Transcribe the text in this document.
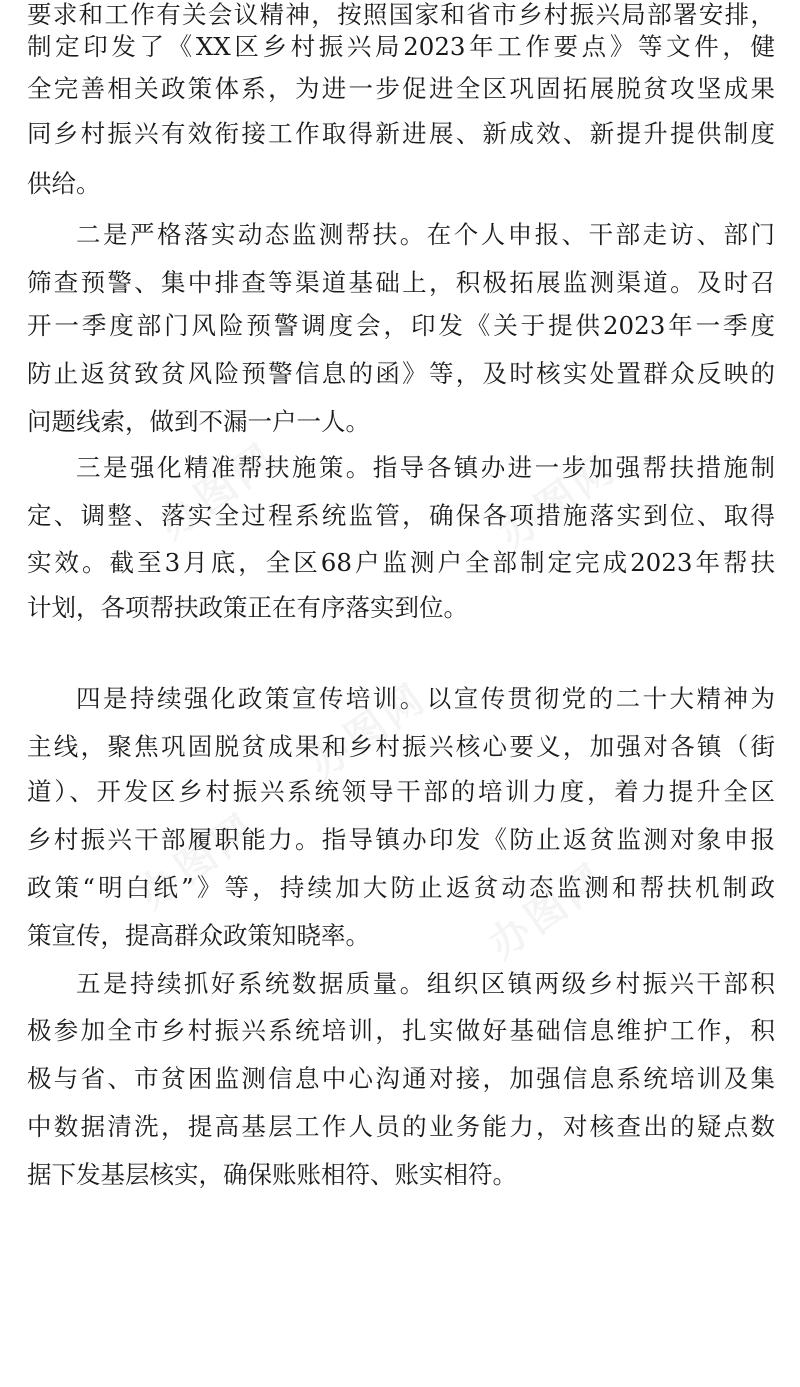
办图网	办图网
办图网
办图网	办图网
要求和工作有关会议精神，按照国家和省市乡村振兴局部署安排，
制定印发了《XX区乡村振兴局2023年工作要点》等文件，健
全完善相关政策体系，为进一步促进全区巩固拓展脱贫攻坚成果
同乡村振兴有效衔接工作取得新进展、新成效、新提升提供制度
供给。
二是严格落实动态监测帮扶。在个人申报、干部走访、部门
筛查预警、集中排查等渠道基础上，积极拓展监测渠道。及时召
开一季度部门风险预警调度会，印发《关于提供2023年一季度
防止返贫致贫风险预警信息的函》等，及时核实处置群众反映的
问题线索，做到不漏一户一人。
三是强化精准帮扶施策。指导各镇办进一步加强帮扶措施制
定、调整、落实全过程系统监管，确保各项措施落实到位、取得
实效。截至3月底，全区68户监测户全部制定完成2023年帮扶
计划，各项帮扶政策正在有序落实到位。
四是持续强化政策宣传培训。以宣传贯彻党的二十大精神为
主线，聚焦巩固脱贫成果和乡村振兴核心要义，加强对各镇（街
道）、开发区乡村振兴系统领导干部的培训力度，着力提升全区
乡村振兴干部履职能力。指导镇办印发《防止返贫监测对象申报
政策“明白纸”》等，持续加大防止返贫动态监测和帮扶机制政
策宣传，提高群众政策知晓率。
五是持续抓好系统数据质量。组织区镇两级乡村振兴干部积
极参加全市乡村振兴系统培训，扎实做好基础信息维护工作，积
极与省、市贫困监测信息中心沟通对接，加强信息系统培训及集
中数据清洗，提高基层工作人员的业务能力，对核查出的疑点数
据下发基层核实，确保账账相符、账实相符。
